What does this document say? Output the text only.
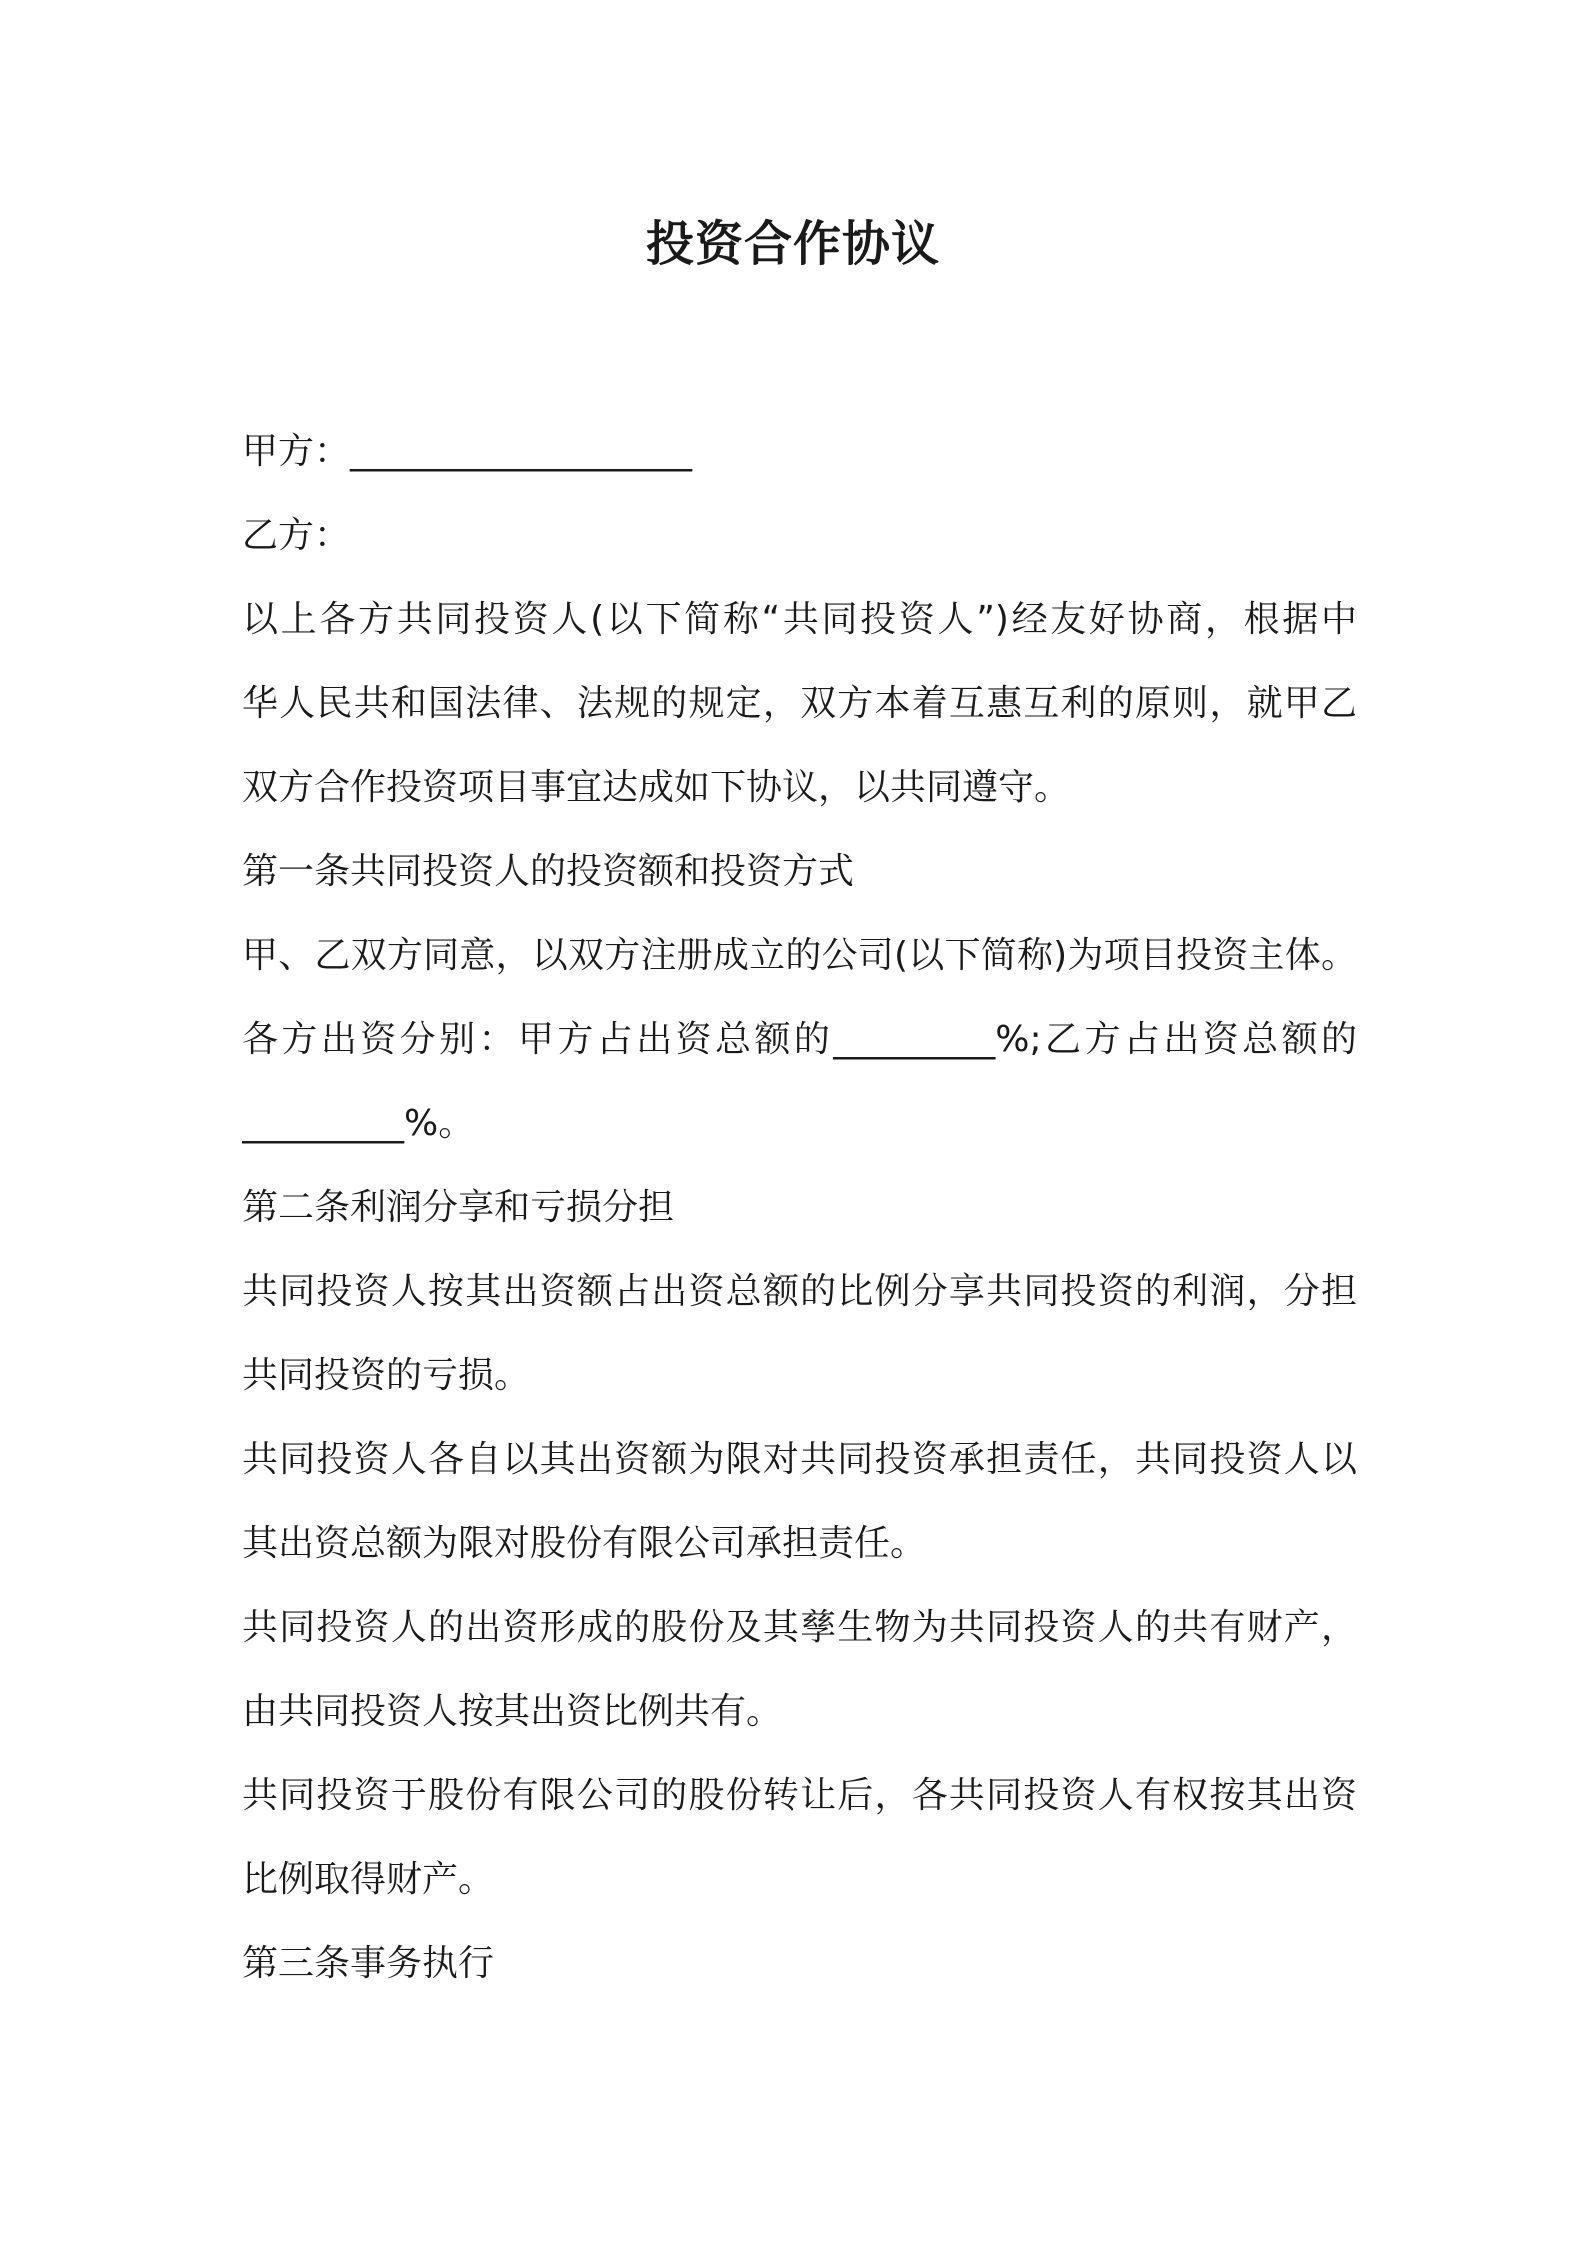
投资合作协议

甲方：___________________

乙方：

以上各方共同投资人(以下简称“共同投资人”)经友好协商，根据中

华人民共和国法律、法规的规定，双方本着互惠互利的原则，就甲乙

双方合作投资项目事宜达成如下协议，以共同遵守。

第一条共同投资人的投资额和投资方式

甲、乙双方同意，以双方注册成立的公司(以下简称)为项目投资主体。

各方出资分别：甲方占出资总额的_________%;乙方占出资总额的

_________%。

第二条利润分享和亏损分担

共同投资人按其出资额占出资总额的比例分享共同投资的利润，分担

共同投资的亏损。

共同投资人各自以其出资额为限对共同投资承担责任，共同投资人以

其出资总额为限对股份有限公司承担责任。

共同投资人的出资形成的股份及其孳生物为共同投资人的共有财产，

由共同投资人按其出资比例共有。

共同投资于股份有限公司的股份转让后，各共同投资人有权按其出资

比例取得财产。

第三条事务执行
